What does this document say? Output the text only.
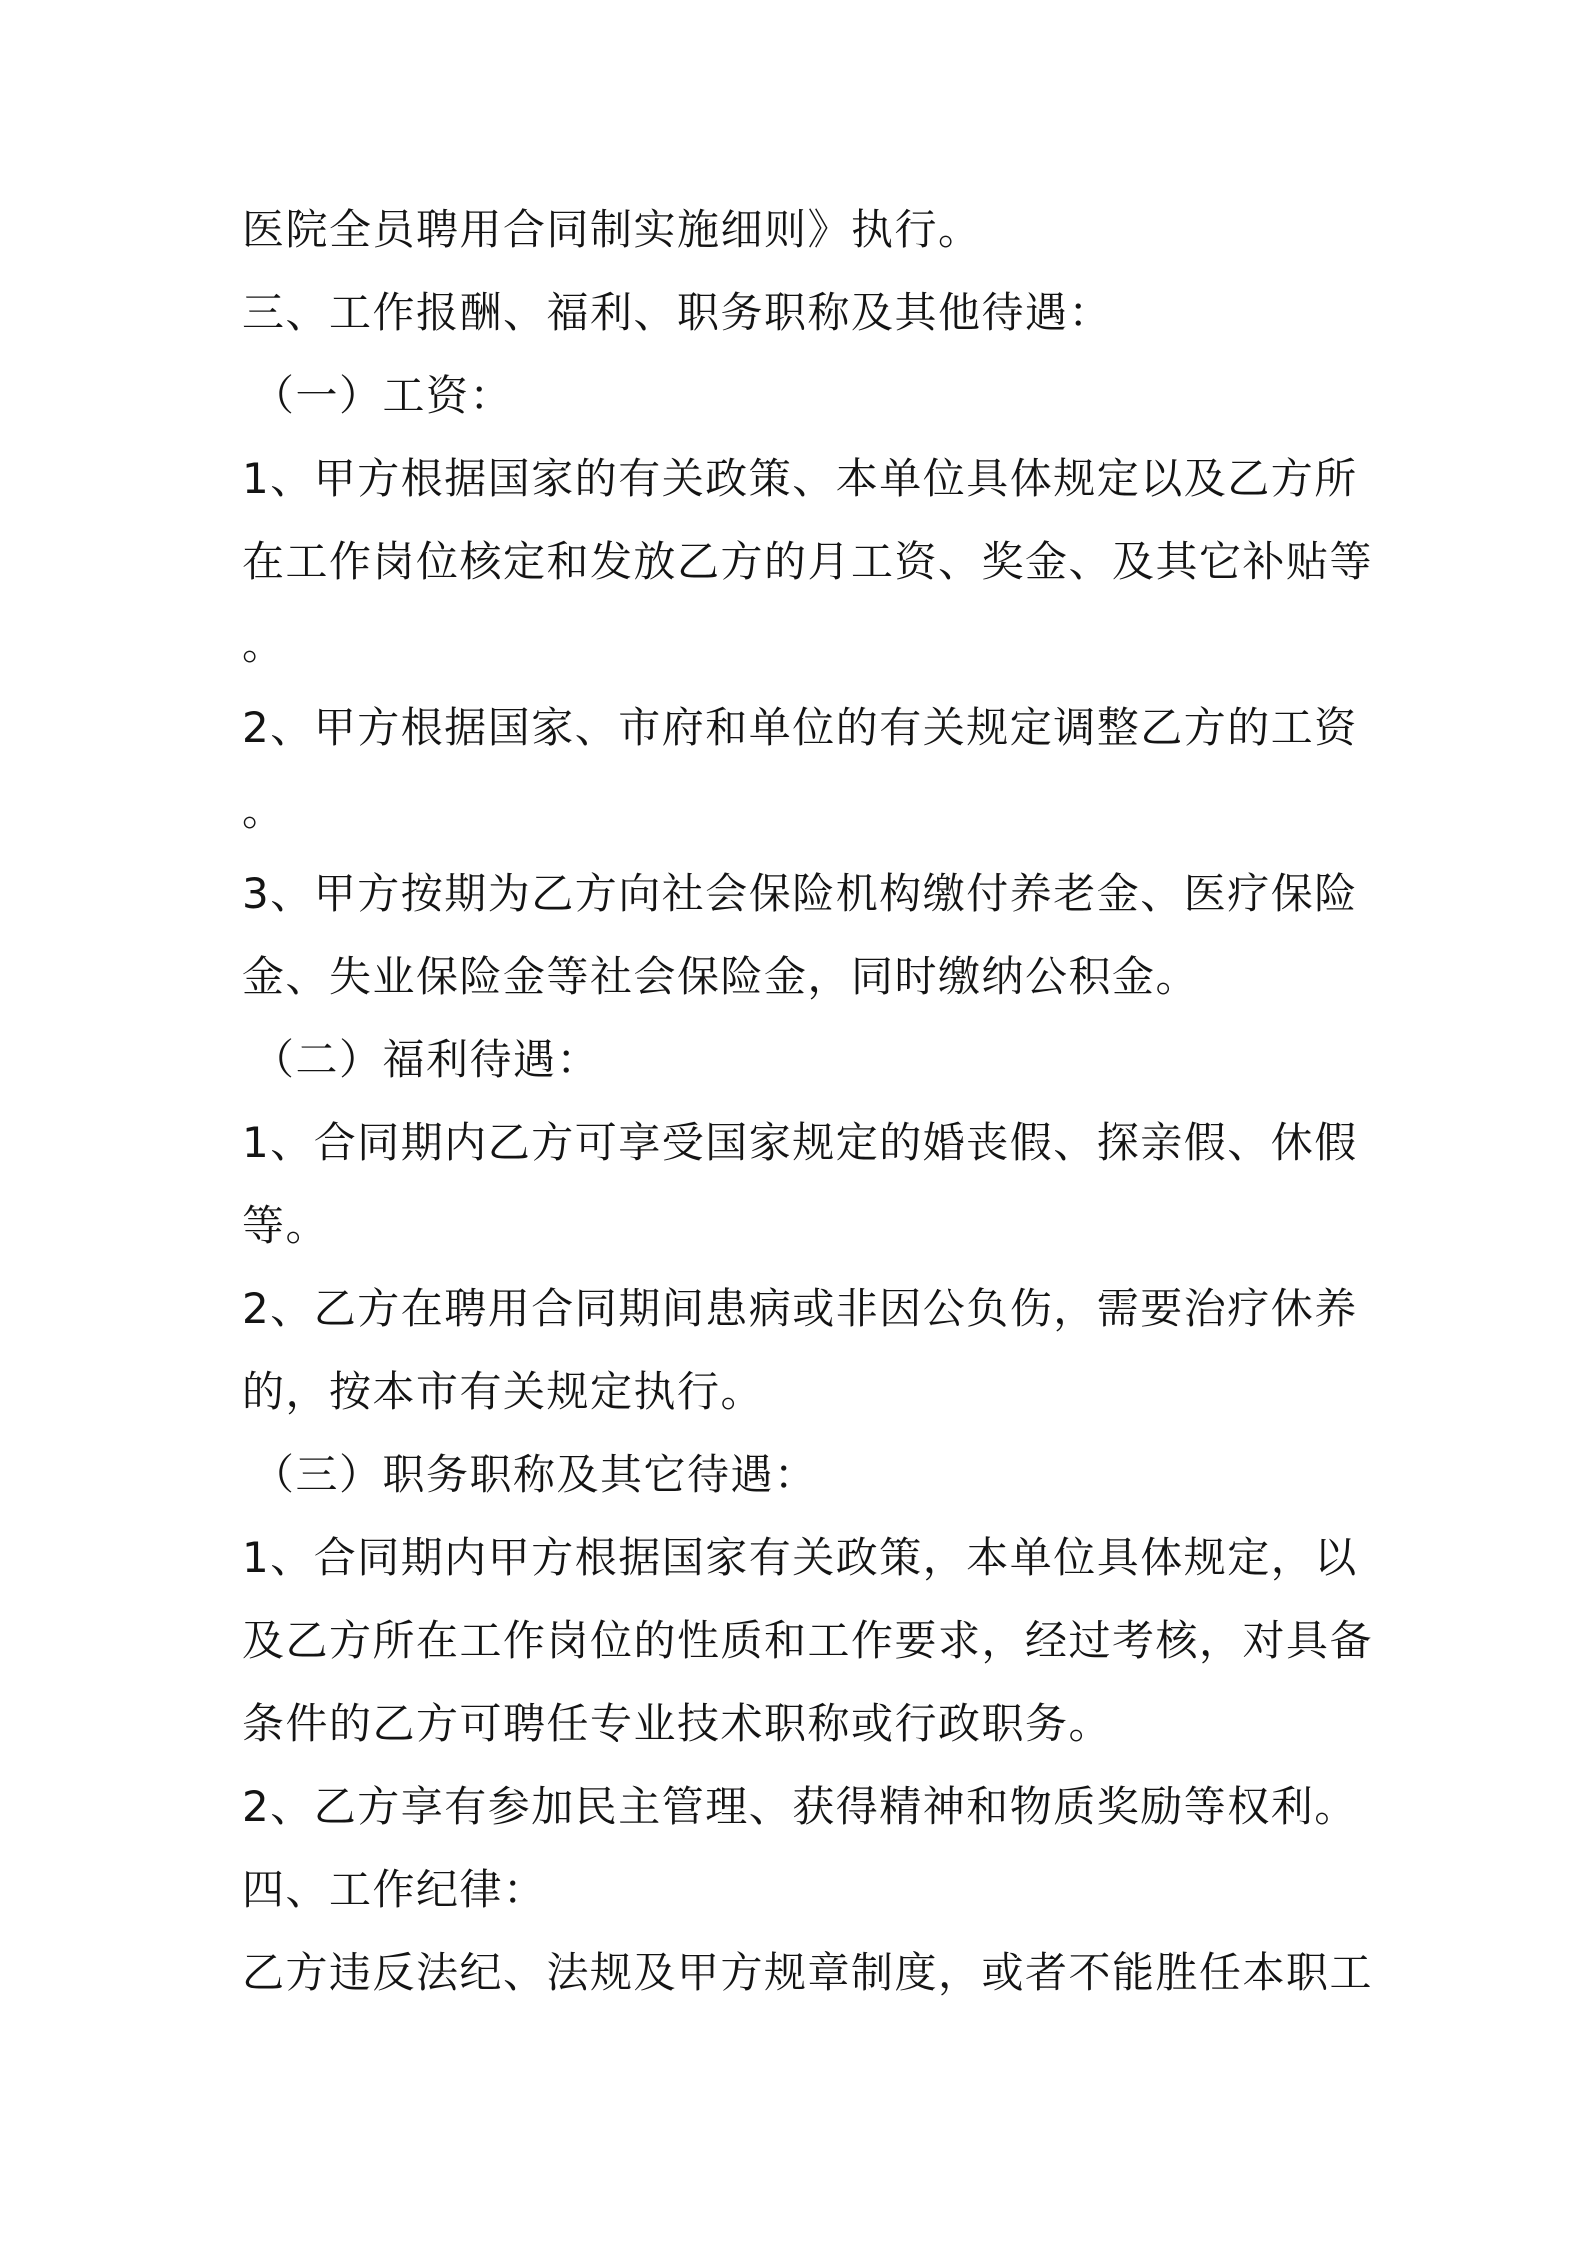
医院全员聘用合同制实施细则》执行。
三、工作报酬、福利、职务职称及其他待遇：
（一）工资：
1、甲方根据国家的有关政策、本单位具体规定以及乙方所
在工作岗位核定和发放乙方的月工资、奖金、及其它补贴等
。
2、甲方根据国家、市府和单位的有关规定调整乙方的工资
。
3、甲方按期为乙方向社会保险机构缴付养老金、医疗保险
金、失业保险金等社会保险金，同时缴纳公积金。
（二）福利待遇：
1、合同期内乙方可享受国家规定的婚丧假、探亲假、休假
等。
2、乙方在聘用合同期间患病或非因公负伤，需要治疗休养
的，按本市有关规定执行。
（三）职务职称及其它待遇：
1、合同期内甲方根据国家有关政策，本单位具体规定，以
及乙方所在工作岗位的性质和工作要求，经过考核，对具备
条件的乙方可聘任专业技术职称或行政职务。
2、乙方享有参加民主管理、获得精神和物质奖励等权利。
四、工作纪律：
乙方违反法纪、法规及甲方规章制度，或者不能胜任本职工
